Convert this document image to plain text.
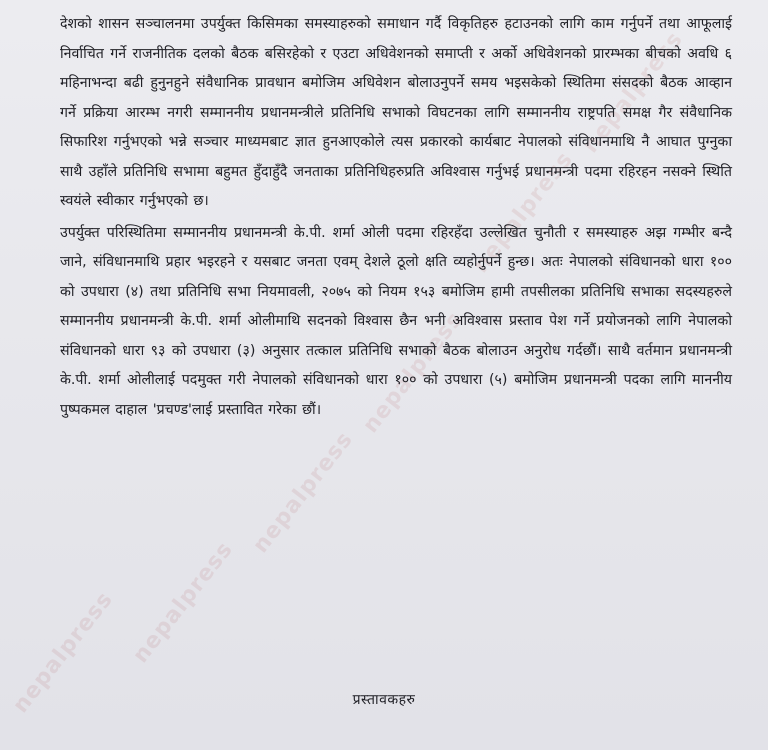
nepalpress nepalpress
nepalpress
nepalpress
nepalpress
nepalpress

देशको शासन सञ्चालनमा उपर्युक्त किसिमका समस्याहरुको समाधान गर्दै विकृतिहरु हटाउनको लागि काम गर्नुपर्ने तथा आफूलाई निर्वाचित गर्ने राजनीतिक दलको बैठक बसिरहेको र एउटा अधिवेशनको समाप्ती र अर्को अधिवेशनको प्रारम्भका बीचको अवधि ६ महिनाभन्दा बढी हुनुनहुने संवैधानिक प्रावधान बमोजिम अधिवेशन बोलाउनुपर्ने समय भइसकेको स्थितिमा संसदको बैठक आव्हान गर्ने प्रक्रिया आरम्भ नगरी सम्माननीय प्रधानमन्त्रीले प्रतिनिधि सभाको विघटनका लागि सम्माननीय राष्ट्रपति समक्ष गैर संवैधानिक सिफारिश गर्नुभएको भन्ने सञ्चार माध्यमबाट ज्ञात हुनआएकोले त्यस प्रकारको कार्यबाट नेपालको संविधानमाथि नै आघात पुग्नुका साथै उहाँले प्रतिनिधि सभामा बहुमत हुँदाहुँदै जनताका प्रतिनिधिहरुप्रति अविश्वास गर्नुभई प्रधानमन्त्री पदमा रहिरहन नसक्ने स्थिति स्वयंले स्वीकार गर्नुभएको छ।

उपर्युक्त परिस्थितिमा सम्माननीय प्रधानमन्त्री के.पी. शर्मा ओली पदमा रहिरहँदा उल्लेखित चुनौती र समस्याहरु अझ गम्भीर बन्दै जाने, संविधानमाथि प्रहार भइरहने र यसबाट जनता एवम् देशले ठूलो क्षति व्यहोर्नुपर्ने हुन्छ। अतः नेपालको संविधानको धारा १०० को उपधारा (४) तथा प्रतिनिधि सभा नियमावली, २०७५ को नियम १५३ बमोजिम हामी तपसीलका प्रतिनिधि सभाका सदस्यहरुले सम्माननीय प्रधानमन्त्री के.पी. शर्मा ओलीमाथि सदनको विश्वास छैन भनी अविश्वास प्रस्ताव पेश गर्ने प्रयोजनको लागि नेपालको संविधानको धारा ९३ को उपधारा (३) अनुसार तत्काल प्रतिनिधि सभाको बैठक बोलाउन अनुरोध गर्दछौं। साथै वर्तमान प्रधानमन्त्री के.पी. शर्मा ओलीलाई पदमुक्त गरी नेपालको संविधानको धारा १०० को उपधारा (५) बमोजिम प्रधानमन्त्री पदका लागि माननीय पुष्पकमल दाहाल 'प्रचण्ड'लाई प्रस्तावित गरेका छौं।

प्रस्तावकहरु
